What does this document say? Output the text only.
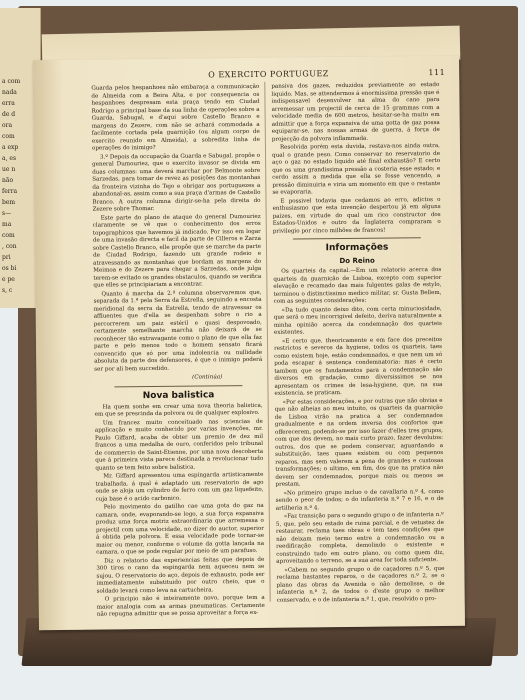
a com
nada
erra
de d
ora
com
a exp
a, es
ue n
não
ferra
bem
s—
ma
com
, con
pri
os bi
e pe
s, c
O EXERCITO PORTUGUEZ	111

Guarda pelos hespanhoes não embaraça a communicação de Almeida com a Beira Alta, e por consequencia os hespanhoes despresam esta praça tendo em Ciudad Rodrigo a principal base da sua linha de operações sobre a Guarda, Sabugal, e d'aqui sobre Castello Branco e margens do Zezere, com não se achará commodada a facilmente cortada pela guarnição (ou algum corpo de exercito reunido em Almeida), a sobredita linha de operações do inimigo?

3.º Depois da occupação da Guarda e Sabugal, propõe o general Dumouriez, que o exercito invasor se divida em duas columnas: uma deverá marchar por Belmonte sobre Sarzedas, para tomar de revez as posições das montanhas da fronteira vizinha do Tejo e obrigar aos portuguezes a abandonal-as, assim como a sua praça d'armas de Castello Branco. A outra columna dirigir-se-ha pela direita do Zezere sobre Thomar.

Este parte do plano de ataque do general Dumouriez claramente se vê que o conhecimento dos erros topographicos que havemos já indicado. Por isso em logar de uma invasão directa e facil da parte de Cilleros e Zarza sobre Castello Branco, elle propõe que se marche da parte de Ciudad Rodrigo, fazendo um grande rodeio e atravessando as montanhas que bordam as margens do Meimoa e do Zezere para chegar a Sarzedas, onde julga terem-se evitado os grandes obstaculos, quando se verifica que elles se principiariam a encontrar.

Quanto á marcha da 2.ª columna observaremos que, separada da 1.ª pela Serra da Estrella, seguindo a encosta meridional da serra da Estrella, tendo de atravessar os affluentes que d'ella se despenham sobre o rio a percorrerem um paiz estéril e quasi despovoado, certamente semelhante marcha não deixará de se reconhecer tão extravagante como o plano de que ella faz parte e pelo menos todo o homem sensato ficará convencido que só por uma indolencia ou nullidade absoluta da parte dos defensores, é que o inimigo poderá ser por ali bem succedido.

(Continúa)
Nova balistica

Ha quem sonhe em crear uma nova theoria balistica, em que se prescinda da polvora ou de qualquer explosivo.

Um francez muito conceituado nas sciencias de applicação e muito conhecido por varias invenções, mr. Paulo Giffard, acaba de obter um premio de dez mil francos a uma medalha de ouro, conferidos pelo tribunal de commercio de Saint-Etienne, por uma nova descoberta que á primeira vista parece destinada a revolucionar tudo quanto se tem feito sobre balistica.

Mr. Giffard apresentou uma espingarda artisticamente trabalhada, á qual é adaptado um reservatorio de ago onde se aloja um cylindro de ferro com um gaz liquefeito, cuja base é o acido carbonico.

Pelo movimento do gatilho cae uma gota do gaz na camara, onde, evaporando-se logo, a sua força expansiva produz uma força motriz extraordinaria que arremessa o projectil com uma velocidade, no dizer do auctor, superior á obtida pela polvora. E essa velocidade pode tornar-se maior ou menor, conforme o volume da gotta lançada na camara, o que se pode regular por meio de um parafuso.

Diz o relatorio das experiencias feitas que depois de 300 tiros o cano da espingarda nem aqueceu nem se sujou. O reservatorio do aço, depois de exhausto, pode ser immediatamente substituido por outro cheio, que o soldado levará como leva na cartucheira.

O principio não é inteiramente novo, porque tem a maior analogia com as armas pneumaticas. Certamente não repugna admittir que se possa aproveitar a força ex-

pansiva dos gazes, reduzidos previamente ao estado liquido. Mas, se attendermos á enormissima pressão que é indispensavel desenvolver na alma do cano para arremessar um projectil de cerca de 15 grammas com a velocidade media de 600 metros, hesitar-se-ha muito em admittir que a força expansiva de uma gotta de gaz possa equiparar-se, nas nossas armas de guerra, á força de projecção da polvora inflammada.

Resolvida porém esta duvida, restava-nos ainda outra, qual o grande peso. Como conservar no reservatorio de aço o gaz no estado liquido até final exhaustão? E certo que os uma grandissima pressão a costeria esse estado; e cerdo assim a medida que ella se fosse vencendo, a pressão diminuiria e viria um momento em que o restante se evaporaria.

E possivel todavia que cedamos ao erro, adictos o enthusiasmo que esta invenção despertou já em alguns paizes, em virtude do qual um rico constructor dos Estados-Unidos e outro da Inglaterra compraram o privilegio por cinco milhões de francos!

Informações
Do Reino

Os quarteis da capital.—Em um relatorio acerca dos quarteis da guarnição de Lisboa, excepto com superior elevação e recamado das mais fulgentes galas de estylo, terminou o distinctissimo medico militar, sr. Gusta Bellem, com as seguintes considerações:

«Da tudo quanto deixo dito, com certa minuciosidade, que será o meu incorrigivel defeito, deriva naturalmente a minha opinião acerca da condemnação dos quarteis existentes.

«E certo que, theoricamente e em face dos preceitos restrictos e severos da hygiene, todos os quarteis, taes como existem hoje, estão condemnados, e que nem um só poda escapar á sentença condemnatoria: mas é certo tambem que os fundamentos para a condemnação são diversos em gradação, como diversissimos se nos apresentam os crimes de lesa-hygiene, que, na sua existencia, se praticam.

«Por estas considerações, e por outras que não obvias e que não alheias ao meu intuito, os quarteis da guarnição de Lisboa virão na pratica a ser condemnados gradualmente e na ordem inversa dos confortos que offerecerem, podendo-se por isso fazer d'elles tres grupos, com que dos devem, no mais curto prazo, fazer devolutos: outros, dos que se podem conservar, aguardando a substituição, taes quaes existem ou com pequenos reparos, mas sem valerem a pena de grandes e custosas transformações; o ultimo, em fim, dos que na pratica não devem ser condemnados, porque mais ou menos se prestam.

«No primeiro grupo incluo o de cavallaria n.º 4, como sendo o peor de todos; o do infanteria n.º 7 e 16, e o de artilheria n.º 4.

«Faz transição para o segundo grupo o de infanteria n.º 5, que, pelo seu estado de ruina parcial, e de vetustez de restaurar, reclama taes obras e tem taes condições que não deixam meio termo entre a condemnação ou a reedificação completa, demolindo o existente e construindo tudo em outro plano, ou como quem diz, aproveitando o terreno, se a sua area for toda suficiente.

«Cabem no segundo grupo o de caçadores n.º 5, que reclama bastantes reparos, o de caçadores n.º 2, se o plano das obras da Avenida o não demolisse, o de infanteria n.º 2, de todos o d'este grupo o melhor conservado, e o de infanteria n.º 1, que, resolvido o pro-
